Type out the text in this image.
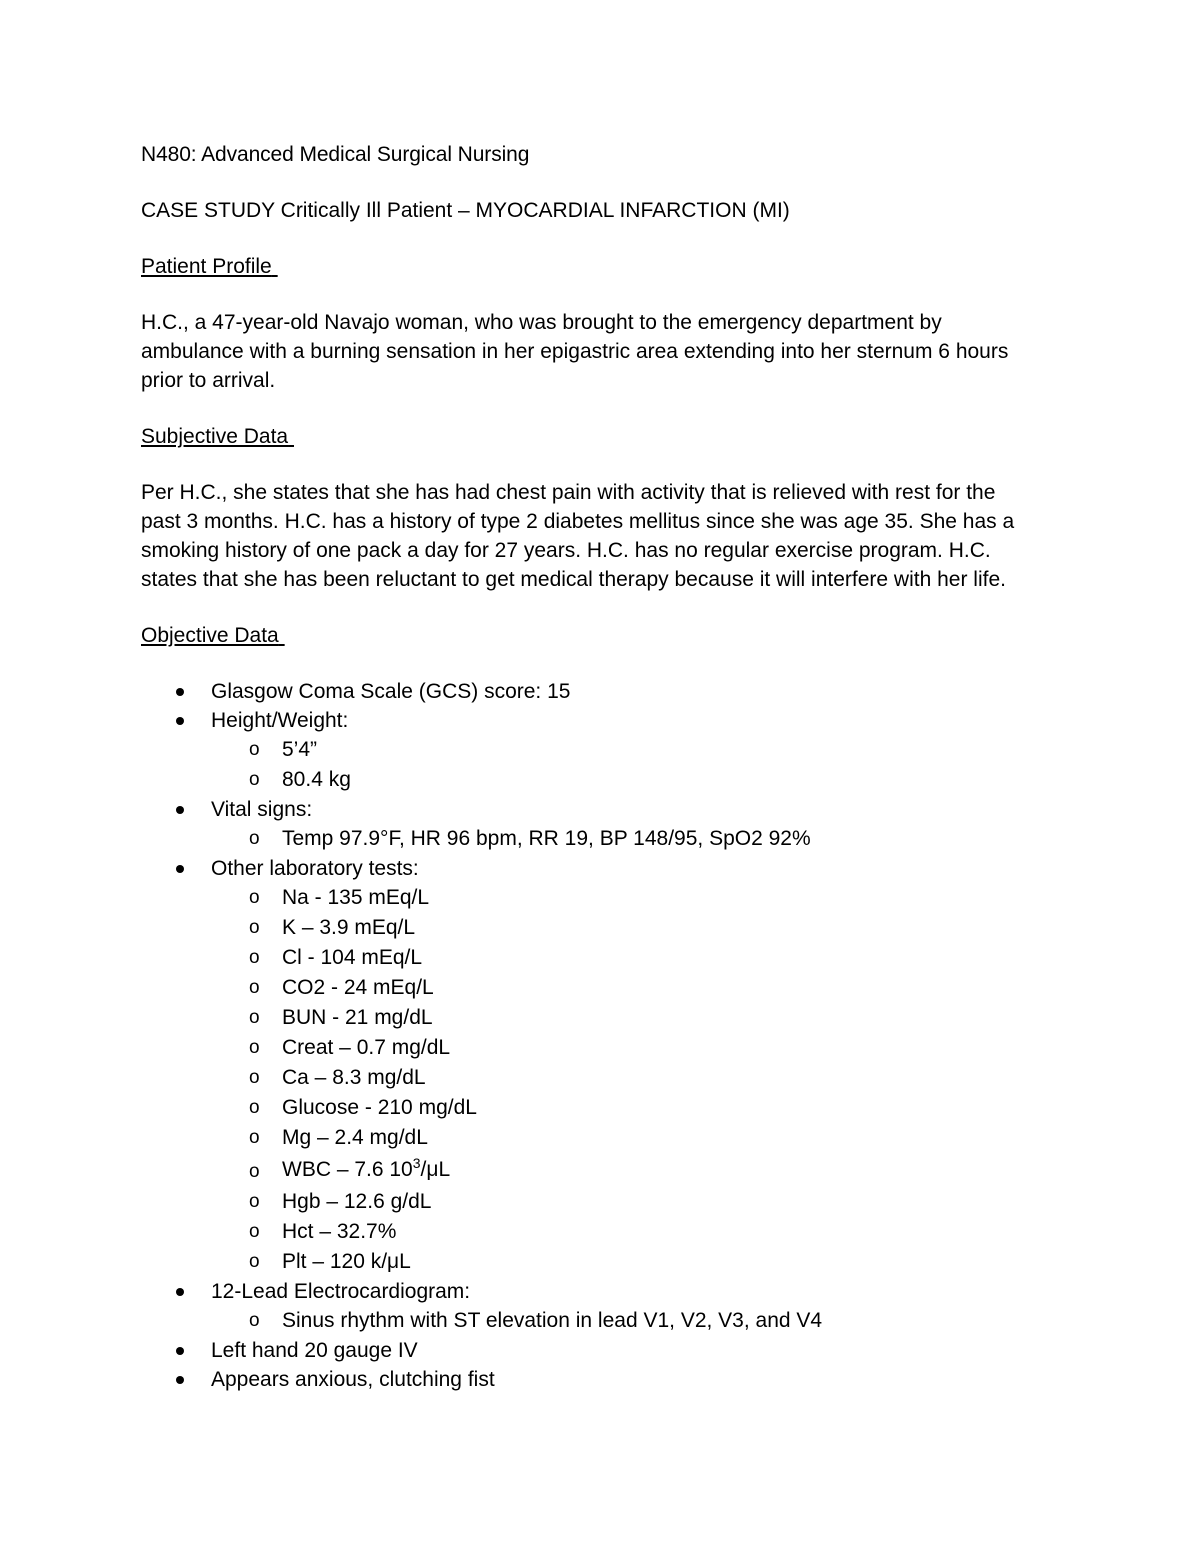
N480: Advanced Medical Surgical Nursing
CASE STUDY Critically Ill Patient – MYOCARDIAL INFARCTION (MI)
Patient Profile
H.C., a 47-year-old Navajo woman, who was brought to the emergency department by
ambulance with a burning sensation in her epigastric area extending into her sternum 6 hours
prior to arrival.
Subjective Data
Per H.C., she states that she has had chest pain with activity that is relieved with rest for the
past 3 months. H.C. has a history of type 2 diabetes mellitus since she was age 35. She has a
smoking history of one pack a day for 27 years. H.C. has no regular exercise program. H.C.
states that she has been reluctant to get medical therapy because it will interfere with her life.
Objective Data
Glasgow Coma Scale (GCS) score: 15
Height/Weight:
o 5’4”
o 80.4 kg
Vital signs:
o Temp 97.9°F, HR 96 bpm, RR 19, BP 148/95, SpO2 92%
Other laboratory tests:
o Na - 135 mEq/L
o K – 3.9 mEq/L
o Cl - 104 mEq/L
o CO2 - 24 mEq/L
o BUN - 21 mg/dL
o Creat – 0.7 mg/dL
o Ca – 8.3 mg/dL
o Glucose - 210 mg/dL
o Mg – 2.4 mg/dL
o WBC – 7.6 $10^3/\mu L$
o Hgb – 12.6 g/dL
o Hct – 32.7%
o Plt – 120 k/μL
12-Lead Electrocardiogram:
o Sinus rhythm with ST elevation in lead V1, V2, V3, and V4
Left hand 20 gauge IV
Appears anxious, clutching fist
